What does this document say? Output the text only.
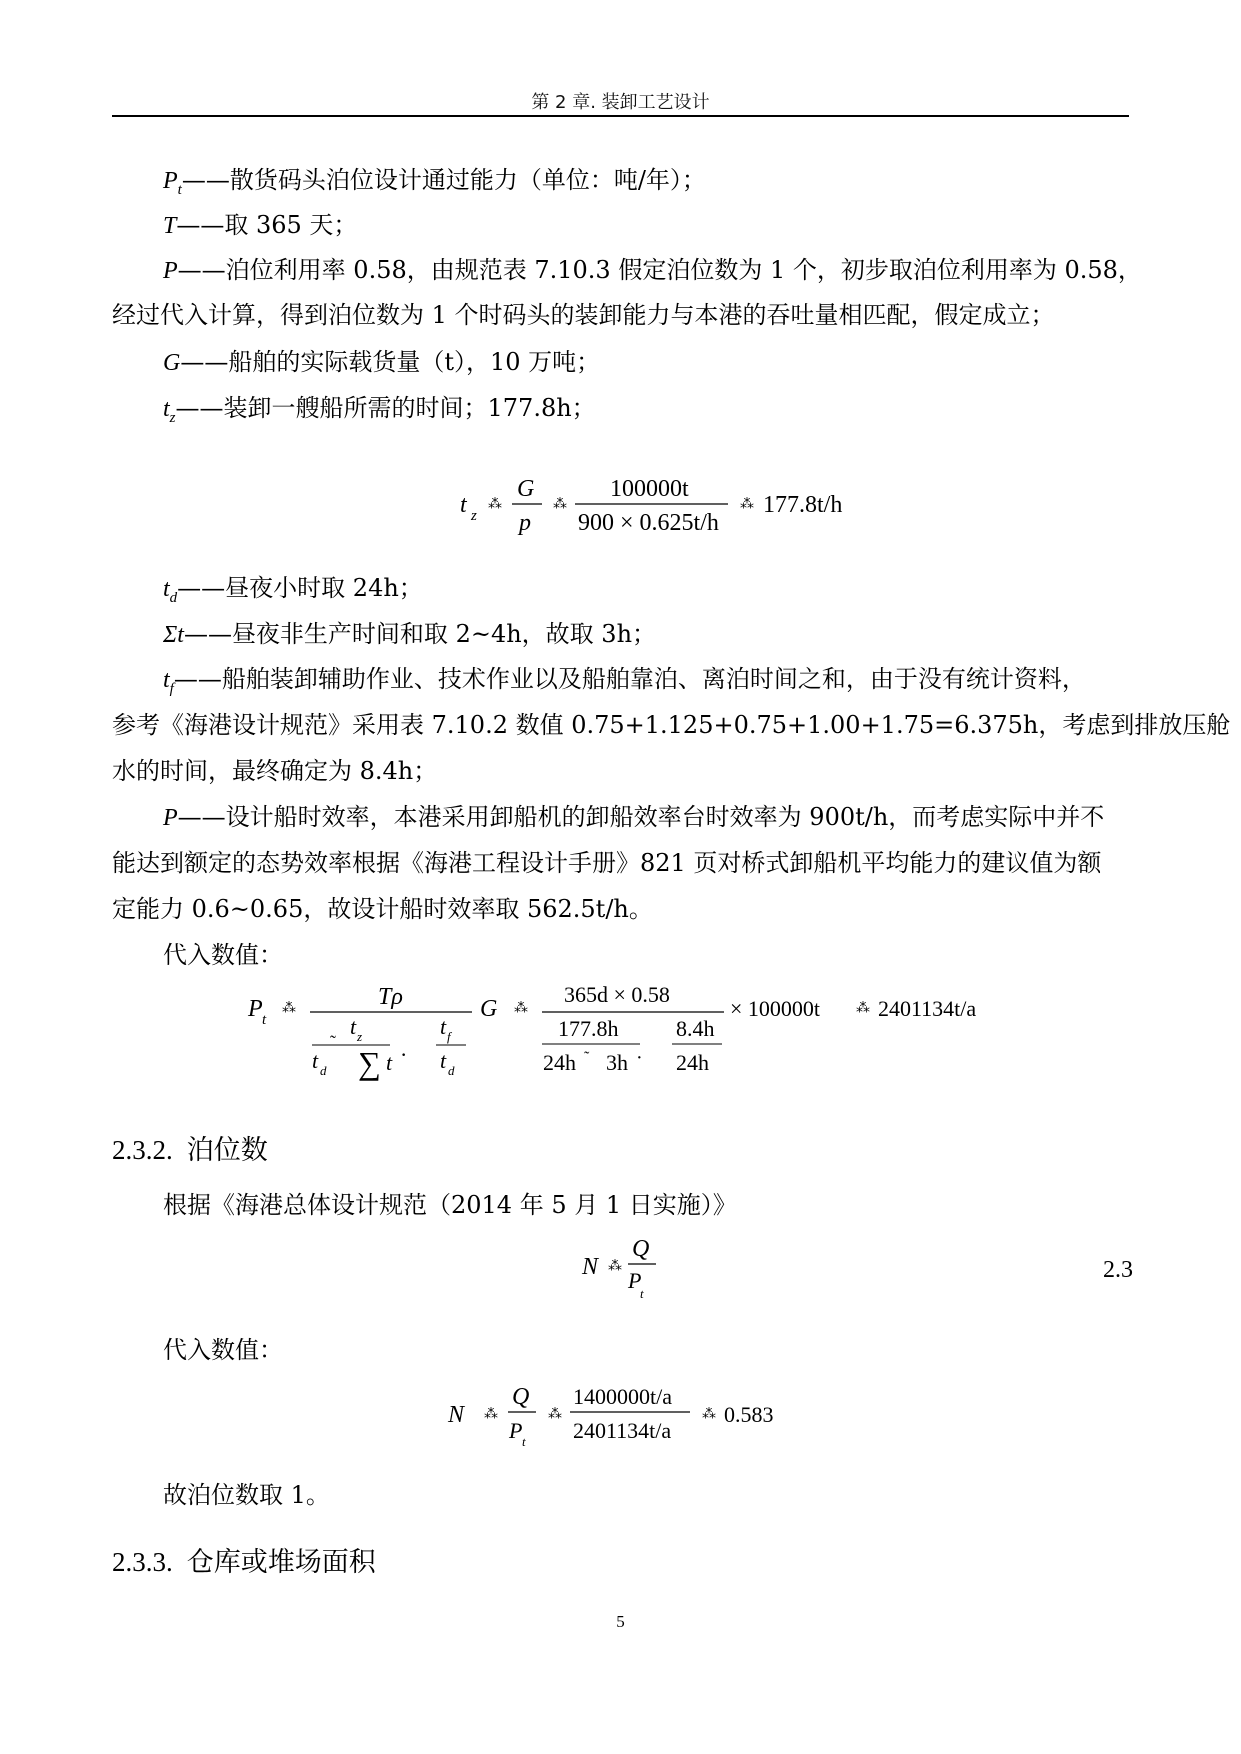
第 2 章. 装卸工艺设计
$P_t——$散货码头泊位设计通过能力（单位：吨/年）；
T——取 365 天；
P——泊位利用率 0.58，由规范表 7.10.3 假定泊位数为 1 个，初步取泊位利用率为 0.58，
经过代入计算，得到泊位数为 1 个时码头的装卸能力与本港的吞吐量相匹配，假定成立；
G——船舶的实际载货量（t），10 万吨；
$t_z——$装卸一艘船所需的时间；177.8h；
t z
⁂
G
p
⁂
100000t
900 × 0.625t/h
⁂ 177.8t/h
$t_d——$昼夜小时取 24h；
Σt——昼夜非生产时间和取 2~4h，故取 3h；
$t_f——$船舶装卸辅助作业、技术作业以及船舶靠泊、离泊时间之和，由于没有统计资料，
参考《海港设计规范》采用表 7.10.2 数值 0.75+1.125+0.75+1.00+1.75=6.375h，考虑到排放压舱
水的时间，最终确定为 8.4h；
P——设计船时效率，本港采用卸船机的卸船效率台时效率为 900t/h，而考虑实际中并不
能达到额定的态势效率根据《海港工程设计手册》821 页对桥式卸船机平均能力的建议值为额
定能力 0.6~0.65，故设计船时效率取 562.5t/h。
代入数值：
P t
⁂	Tρ
t z
˜
t d ∑ t ·
t f
t d
G ⁂
365d × 0.58
177.8h
24h ˜ 3h ·
8.4h
24h
× 100000t	⁂ 2401134t/a
2.3.2. 泊位数
根据《海港总体设计规范（2014 年 5 月 1 日实施）》
N ⁂
Q
P
t
2.3
代入数值：
N ⁂
Q
P t
⁂
1400000t/a
2401134t/a
⁂ 0.583
故泊位数取 1。
2.3.3. 仓库或堆场面积
5
